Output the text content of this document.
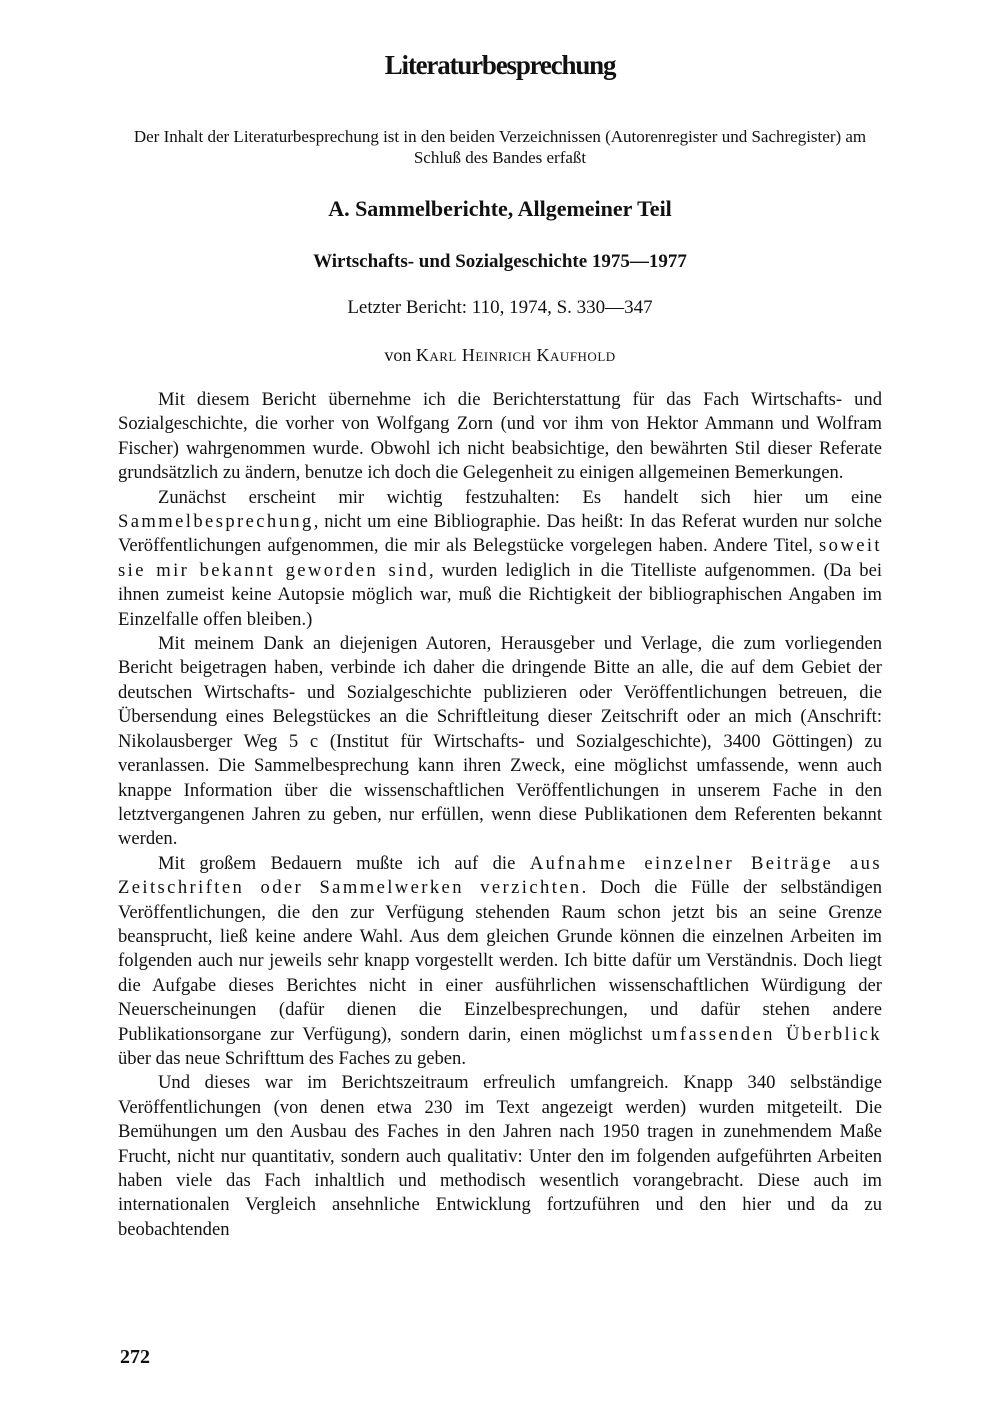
Literaturbesprechung
Der Inhalt der Literaturbesprechung ist in den beiden Verzeichnissen (Autorenregister und Sachregister) am Schluß des Bandes erfaßt
A. Sammelberichte, Allgemeiner Teil
Wirtschafts- und Sozialgeschichte 1975—1977
Letzter Bericht: 110, 1974, S. 330—347
von Karl Heinrich Kaufhold

Mit diesem Bericht übernehme ich die Berichterstattung für das Fach Wirtschafts- und Sozialgeschichte, die vorher von Wolfgang Zorn (und vor ihm von Hektor Ammann und Wolfram Fischer) wahrgenommen wurde. Obwohl ich nicht beabsichtige, den bewährten Stil dieser Referate grundsätzlich zu ändern, benutze ich doch die Gelegenheit zu einigen allgemeinen Bemerkungen.

Zunächst erscheint mir wichtig festzuhalten: Es handelt sich hier um eine Sammelbesprechung, nicht um eine Bibliographie. Das heißt: In das Referat wurden nur solche Veröffentlichungen aufgenommen, die mir als Belegstücke vorgelegen haben. Andere Titel, soweit sie mir bekannt geworden sind, wurden lediglich in die Titelliste aufgenommen. (Da bei ihnen zumeist keine Autopsie möglich war, muß die Richtigkeit der bibliographischen Angaben im Einzelfalle offen bleiben.)

Mit meinem Dank an diejenigen Autoren, Herausgeber und Verlage, die zum vorliegenden Bericht beigetragen haben, verbinde ich daher die dringende Bitte an alle, die auf dem Gebiet der deutschen Wirtschafts- und Sozialgeschichte publizieren oder Veröffentlichungen betreuen, die Übersendung eines Belegstückes an die Schriftleitung dieser Zeitschrift oder an mich (Anschrift: Nikolausberger Weg 5 c (Institut für Wirtschafts- und Sozialgeschichte), 3400 Göttingen) zu veranlassen. Die Sammelbesprechung kann ihren Zweck, eine möglichst umfassende, wenn auch knappe Information über die wissenschaftlichen Veröffentlichungen in unserem Fache in den letztvergangenen Jahren zu geben, nur erfüllen, wenn diese Publikationen dem Referenten bekannt werden.

Mit großem Bedauern mußte ich auf die Aufnahme einzelner Beiträge aus Zeitschriften oder Sammelwerken verzichten. Doch die Fülle der selbständigen Veröffentlichungen, die den zur Verfügung stehenden Raum schon jetzt bis an seine Grenze beansprucht, ließ keine andere Wahl. Aus dem gleichen Grunde können die einzelnen Arbeiten im folgenden auch nur jeweils sehr knapp vorgestellt werden. Ich bitte dafür um Verständnis. Doch liegt die Aufgabe dieses Berichtes nicht in einer ausführlichen wissenschaftlichen Würdigung der Neuerscheinungen (dafür dienen die Einzelbesprechungen, und dafür stehen andere Publikationsorgane zur Verfügung), sondern darin, einen möglichst umfassenden Überblick über das neue Schrifttum des Faches zu geben.

Und dieses war im Berichtszeitraum erfreulich umfangreich. Knapp 340 selbständige Veröffentlichungen (von denen etwa 230 im Text angezeigt werden) wurden mitgeteilt. Die Bemühungen um den Ausbau des Faches in den Jahren nach 1950 tragen in zunehmendem Maße Frucht, nicht nur quantitativ, sondern auch qualitativ: Unter den im folgenden aufgeführten Arbeiten haben viele das Fach inhaltlich und methodisch wesentlich vorangebracht. Diese auch im internationalen Vergleich ansehnliche Entwicklung fortzuführen und den hier und da zu beobachtenden

272
